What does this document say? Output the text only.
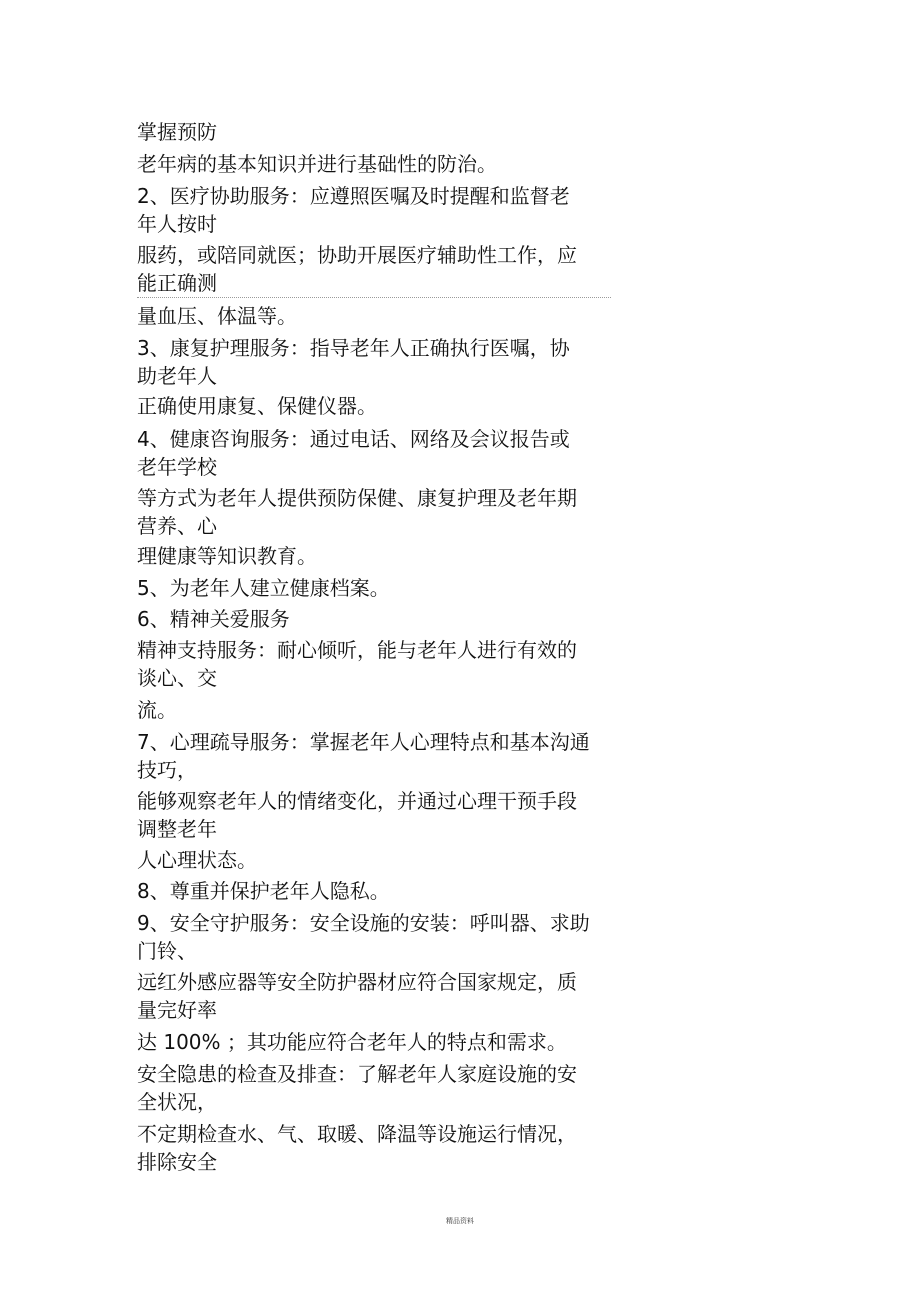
掌握预防
老年病的基本知识并进行基础性的防治。
2、医疗协助服务：应遵照医嘱及时提醒和监督老
年人按时
服药，或陪同就医；协助开展医疗辅助性工作，应
能正确测
量血压、体温等。
3、康复护理服务：指导老年人正确执行医嘱，协
助老年人
正确使用康复、保健仪器。
4、健康咨询服务：通过电话、网络及会议报告或
老年学校
等方式为老年人提供预防保健、康复护理及老年期
营养、心
理健康等知识教育。
5、为老年人建立健康档案。
6、精神关爱服务
精神支持服务：耐心倾听，能与老年人进行有效的
谈心、交
流。
7、心理疏导服务：掌握老年人心理特点和基本沟通
技巧，
能够观察老年人的情绪变化，并通过心理干预手段
调整老年
人心理状态。
8、尊重并保护老年人隐私。
9、安全守护服务：安全设施的安装：呼叫器、求助
门铃、
远红外感应器等安全防护器材应符合国家规定，质
量完好率
达 100% ；其功能应符合老年人的特点和需求。
安全隐患的检查及排查：了解老年人家庭设施的安
全状况，
不定期检查水、气、取暖、降温等设施运行情况，
排除安全
精品资料
